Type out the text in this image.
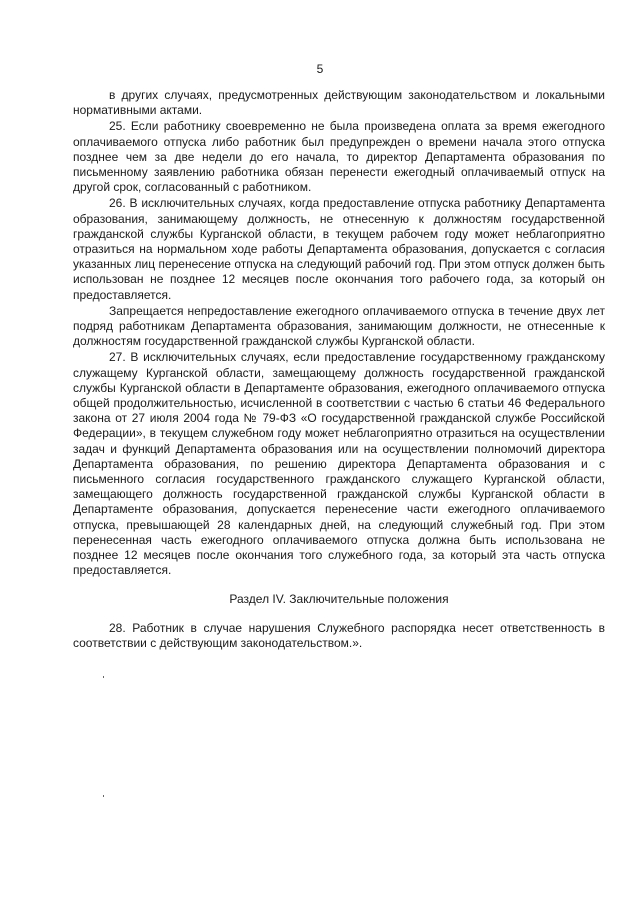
5

в других случаях, предусмотренных действующим законодательством и локальными нормативными актами.

25. Если работнику своевременно не была произведена оплата за время ежегодного оплачиваемого отпуска либо работник был предупрежден о времени начала этого отпуска позднее чем за две недели до его начала, то директор Департамента образования по письменному заявлению работника обязан перенести ежегодный оплачиваемый отпуск на другой срок, согласованный с работником.

26. В исключительных случаях, когда предоставление отпуска работнику Департамента образования, занимающему должность, не отнесенную к должностям государственной гражданской службы Курганской области, в текущем рабочем году может неблагоприятно отразиться на нормальном ходе работы Департамента образования, допускается с согласия указанных лиц перенесение отпуска на следующий рабочий год. При этом отпуск должен быть использован не позднее 12 месяцев после окончания того рабочего года, за который он предоставляется.

Запрещается непредоставление ежегодного оплачиваемого отпуска в течение двух лет подряд работникам Департамента образования, занимающим должности, не отнесенные к должностям государственной гражданской службы Курганской области.

27. В исключительных случаях, если предоставление государственному гражданскому служащему Курганской области, замещающему должность государственной гражданской службы Курганской области в Департаменте образования, ежегодного оплачиваемого отпуска общей продолжительностью, исчисленной в соответствии с частью 6 статьи 46 Федерального закона от 27 июля 2004 года № 79-ФЗ «О государственной гражданской службе Российской Федерации», в текущем служебном году может неблагоприятно отразиться на осуществлении задач и функций Департамента образования или на осуществлении полномочий директора Департамента образования, по решению директора Департамента образования и с письменного согласия государственного гражданского служащего Курганской области, замещающего должность государственной гражданской службы Курганской области в Департаменте образования, допускается перенесение части ежегодного оплачиваемого отпуска, превышающей 28 календарных дней, на следующий служебный год. При этом перенесенная часть ежегодного оплачиваемого отпуска должна быть использована не позднее 12 месяцев после окончания того служебного года, за который эта часть отпуска предоставляется.

Раздел IV. Заключительные положения

28. Работник в случае нарушения Служебного распорядка несет ответственность в соответствии с действующим законодательством.».
